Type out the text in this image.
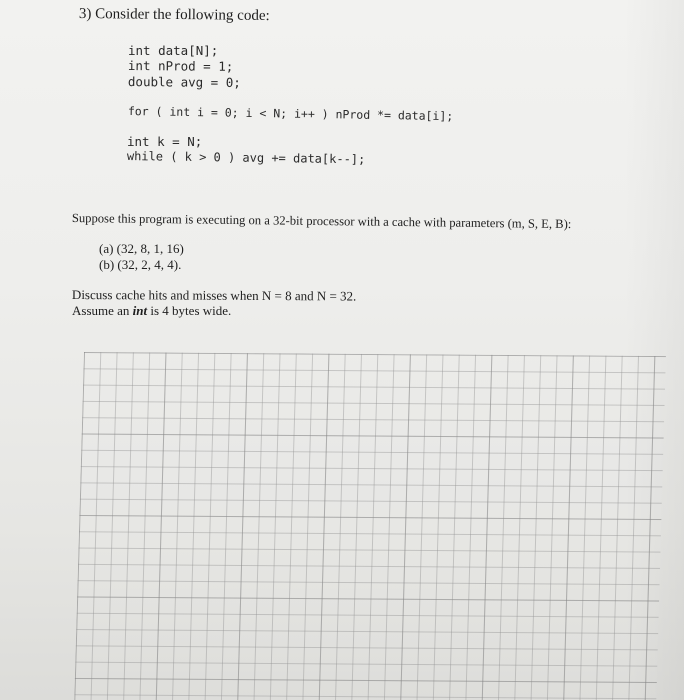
3) Consider the following code:
int data[N];
int nProd = 1;
double avg = 0;
for ( int i = 0; i < N; i++ ) nProd *= data[i];
int k = N;
while ( k > 0 ) avg += data[k--];
Suppose this program is executing on a 32-bit processor with a cache with parameters (m, S, E, B):
(a) (32, 8, 1, 16)
(b) (32, 2, 4, 4).
Discuss cache hits and misses when N = 8 and N = 32.
Assume an int is 4 bytes wide.
